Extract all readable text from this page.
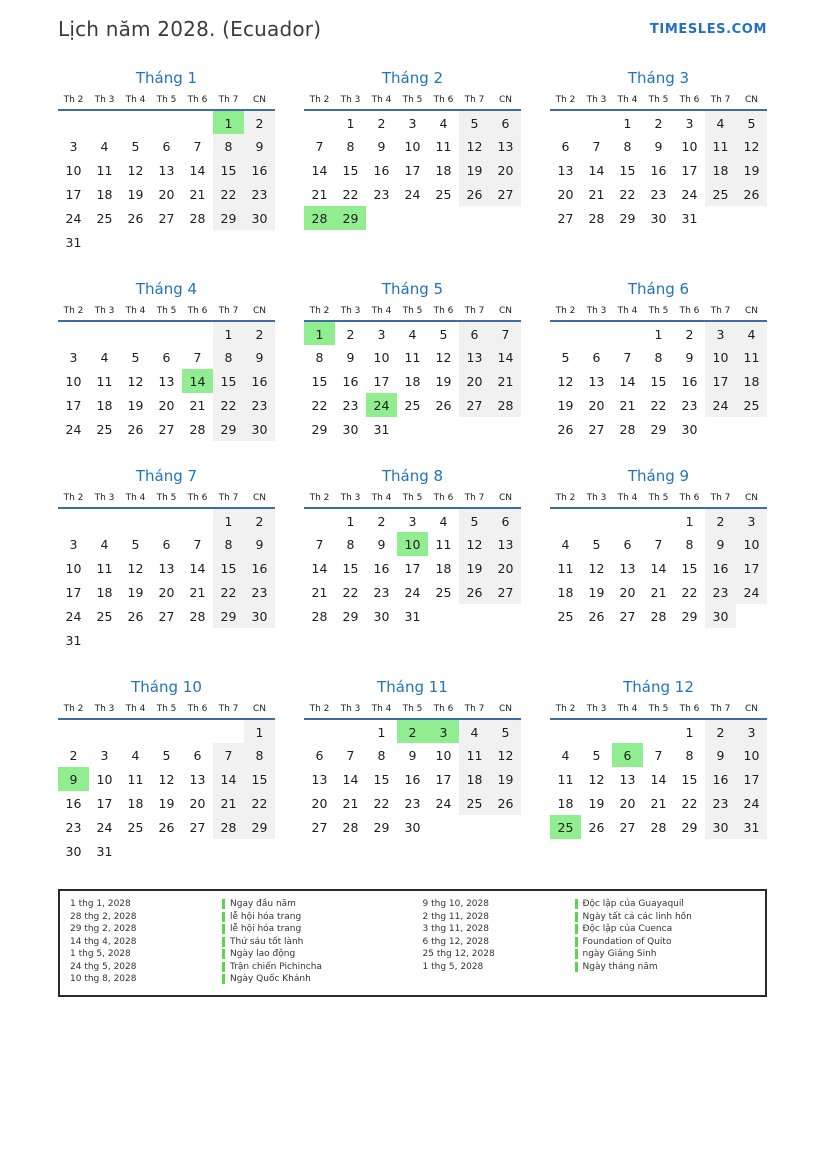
Lịch năm 2028. (Ecuador)	TIMESLES.COM
Tháng 1
Th 2	Th 3	Th 4	Th 5	Th 6	Th 7	CN
					1	2
3	4	5	6	7	8	9
10	11	12	13	14	15	16
17	18	19	20	21	22	23
24	25	26	27	28	29	30
31						
Tháng 2
Th 2	Th 3	Th 4	Th 5	Th 6	Th 7	CN
	1	2	3	4	5	6
7	8	9	10	11	12	13
14	15	16	17	18	19	20
21	22	23	24	25	26	27
28	29					
Tháng 3
Th 2	Th 3	Th 4	Th 5	Th 6	Th 7	CN
		1	2	3	4	5
6	7	8	9	10	11	12
13	14	15	16	17	18	19
20	21	22	23	24	25	26
27	28	29	30	31		
Tháng 4
Th 2	Th 3	Th 4	Th 5	Th 6	Th 7	CN
					1	2
3	4	5	6	7	8	9
10	11	12	13	14	15	16
17	18	19	20	21	22	23
24	25	26	27	28	29	30
Tháng 5
Th 2	Th 3	Th 4	Th 5	Th 6	Th 7	CN
1	2	3	4	5	6	7
8	9	10	11	12	13	14
15	16	17	18	19	20	21
22	23	24	25	26	27	28
29	30	31				
Tháng 6
Th 2	Th 3	Th 4	Th 5	Th 6	Th 7	CN
			1	2	3	4
5	6	7	8	9	10	11
12	13	14	15	16	17	18
19	20	21	22	23	24	25
26	27	28	29	30		
Tháng 7
Th 2	Th 3	Th 4	Th 5	Th 6	Th 7	CN
					1	2
3	4	5	6	7	8	9
10	11	12	13	14	15	16
17	18	19	20	21	22	23
24	25	26	27	28	29	30
31						
Tháng 8
Th 2	Th 3	Th 4	Th 5	Th 6	Th 7	CN
	1	2	3	4	5	6
7	8	9	10	11	12	13
14	15	16	17	18	19	20
21	22	23	24	25	26	27
28	29	30	31			
Tháng 9
Th 2	Th 3	Th 4	Th 5	Th 6	Th 7	CN
				1	2	3
4	5	6	7	8	9	10
11	12	13	14	15	16	17
18	19	20	21	22	23	24
25	26	27	28	29	30	
Tháng 10
Th 2	Th 3	Th 4	Th 5	Th 6	Th 7	CN
						1
2	3	4	5	6	7	8
9	10	11	12	13	14	15
16	17	18	19	20	21	22
23	24	25	26	27	28	29
30	31					
Tháng 11
Th 2	Th 3	Th 4	Th 5	Th 6	Th 7	CN
		1	2	3	4	5
6	7	8	9	10	11	12
13	14	15	16	17	18	19
20	21	22	23	24	25	26
27	28	29	30			
Tháng 12
Th 2	Th 3	Th 4	Th 5	Th 6	Th 7	CN
				1	2	3
4	5	6	7	8	9	10
11	12	13	14	15	16	17
18	19	20	21	22	23	24
25	26	27	28	29	30	31
1 thg 1, 2028	Ngay đầu năm
28 thg 2, 2028	lễ hội hóa trang
29 thg 2, 2028	lễ hội hóa trang
14 thg 4, 2028	Thứ sáu tốt lành
1 thg 5, 2028	Ngày lao động
24 thg 5, 2028	Trận chiến Pichincha
10 thg 8, 2028	Ngày Quốc Khánh
9 thg 10, 2028	Độc lập của Guayaquil
2 thg 11, 2028	Ngày tất cả các linh hồn
3 thg 11, 2028	Độc lập của Cuenca
6 thg 12, 2028	Foundation of Quito
25 thg 12, 2028	ngày Giáng Sinh
1 thg 5, 2028	Ngày tháng năm
